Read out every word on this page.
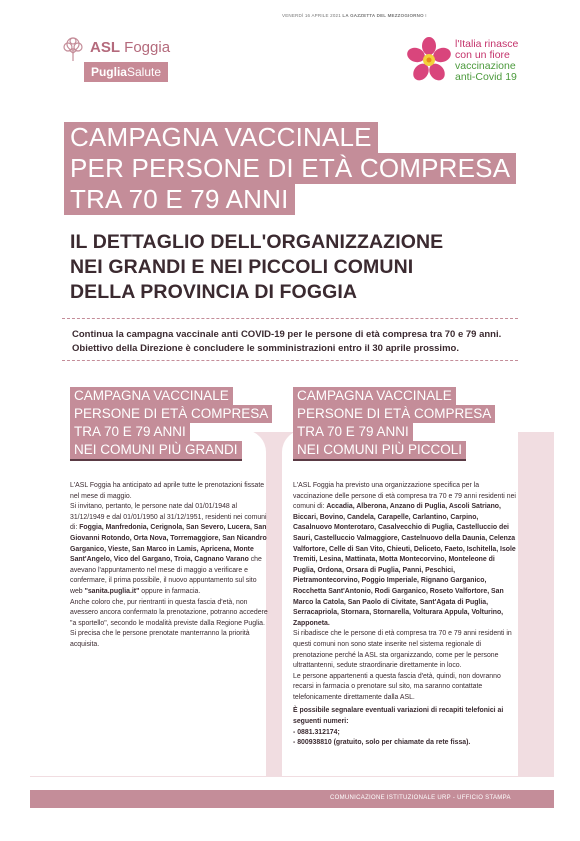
VENERDÌ 16 APRILE 2021 LA GAZZETTA DEL MEZZOGIORNO I
ASL Foggia
PugliaSalute
l'Italia rinasce
con un fiore
vaccinazione
anti-Covid 19
CAMPAGNA VACCINALE
PER PERSONE DI ETÀ COMPRESA
TRA 70 E 79 ANNI
IL DETTAGLIO DELL'ORGANIZZAZIONE
NEI GRANDI E NEI PICCOLI COMUNI
DELLA PROVINCIA DI FOGGIA
Continua la campagna vaccinale anti COVID-19 per le persone di età compresa tra 70 e 79 anni.
Obiettivo della Direzione è concludere le somministrazioni entro il 30 aprile prossimo.
CAMPAGNA VACCINALE
PERSONE DI ETÀ COMPRESA
TRA 70 E 79 ANNI
NEI COMUNI PIÙ GRANDI
CAMPAGNA VACCINALE
PERSONE DI ETÀ COMPRESA
TRA 70 E 79 ANNI
NEI COMUNI PIÙ PICCOLI

L'ASL Foggia ha anticipato ad aprile tutte le prenotazioni fissate nel mese di maggio.

Si invitano, pertanto, le persone nate dal 01/01/1948 al 31/12/1949 e dal 01/01/1950 al 31/12/1951, residenti nei comuni di: Foggia, Manfredonia, Cerignola, San Severo, Lucera, San Giovanni Rotondo, Orta Nova, Torremaggiore, San Nicandro Garganico, Vieste, San Marco in Lamis, Apricena, Monte Sant'Angelo, Vico del Gargano, Troia, Cagnano Varano che avevano l'appuntamento nel mese di maggio a verificare e confermare, il prima possibile, il nuovo appuntamento sul sito web "sanita.puglia.it" oppure in farmacia.

Anche coloro che, pur rientranti in questa fascia d'età, non avessero ancora confermato la prenotazione, potranno accedere "a sportello", secondo le modalità previste dalla Regione Puglia.

Si precisa che le persone prenotate manterranno la priorità acquisita.

L'ASL Foggia ha previsto una organizzazione specifica per la vaccinazione delle persone di età compresa tra 70 e 79 anni residenti nei comuni di: Accadia, Alberona, Anzano di Puglia, Ascoli Satriano, Biccari, Bovino, Candela, Carapelle, Carlantino, Carpino, Casalnuovo Monterotaro, Casalvecchio di Puglia, Castelluccio dei Sauri, Castelluccio Valmaggiore, Castelnuovo della Daunia, Celenza Valfortore, Celle di San Vito, Chieuti, Deliceto, Faeto, Ischitella, Isole Tremiti, Lesina, Mattinata, Motta Montecorvino, Monteleone di Puglia, Ordona, Orsara di Puglia, Panni, Peschici, Pietramontecorvino, Poggio Imperiale, Rignano Garganico, Rocchetta Sant'Antonio, Rodi Garganico, Roseto Valfortore, San Marco la Catola, San Paolo di Civitate, Sant'Agata di Puglia, Serracapriola, Stornara, Stornarella, Volturara Appula, Volturino, Zapponeta.

Si ribadisce che le persone di età compresa tra 70 e 79 anni residenti in questi comuni non sono state inserite nel sistema regionale di prenotazione perché la ASL sta organizzando, come per le persone ultrattantenni, sedute straordinarie direttamente in loco.

Le persone appartenenti a questa fascia d'età, quindi, non dovranno recarsi in farmacia o prenotare sul sito, ma saranno contattate telefonicamente direttamente dalla ASL.

È possibile segnalare eventuali variazioni di recapiti telefonici ai seguenti numeri:

- 0881.312174;

- 800938810 (gratuito, solo per chiamate da rete fissa).

COMUNICAZIONE ISTITUZIONALE URP - UFFICIO STAMPA
